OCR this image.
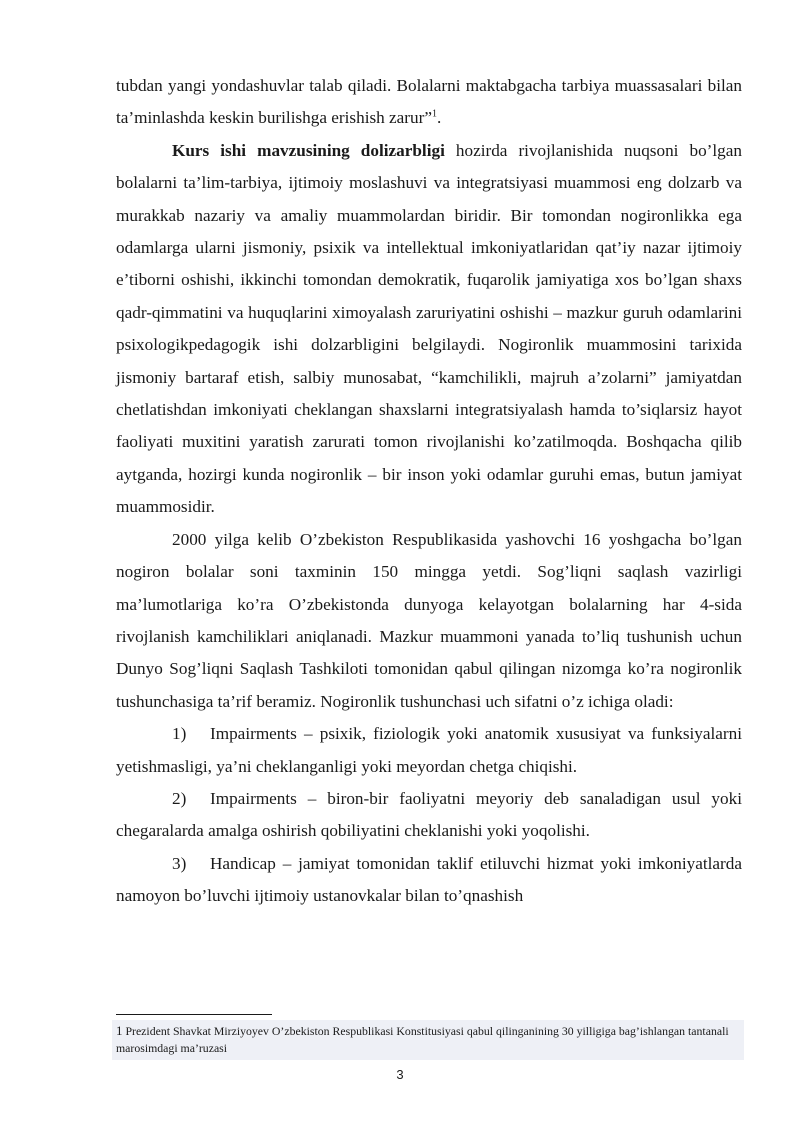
tubdan yangi yondashuvlar talab qiladi. Bolalarni maktabgacha tarbiya muassasalari bilan ta’minlashda keskin burilishga erishish zarur”$^1$.

Kurs ishi mavzusining dolizarbligi hozirda rivojlanishida nuqsoni bo’lgan bolalarni ta’lim-tarbiya, ijtimoiy moslashuvi va integratsiyasi muammosi eng dolzarb va murakkab nazariy va amaliy muammolardan biridir. Bir tomondan nogironlikka ega odamlarga ularni jismoniy, psixik va intellektual imkoniyatlaridan qat’iy nazar ijtimoiy e’tiborni oshishi, ikkinchi tomondan demokratik, fuqarolik jamiyatiga xos bo’lgan shaxs qadr-qimmatini va huquqlarini ximoyalash zaruriyatini oshishi – mazkur guruh odamlarini psixologikpedagogik ishi dolzarbligini belgilaydi. Nogironlik muammosini tarixida jismoniy bartaraf etish, salbiy munosabat, “kamchilikli, majruh a’zolarni” jamiyatdan chetlatishdan imkoniyati cheklangan shaxslarni integratsiyalash hamda to’siqlarsiz hayot faoliyati muxitini yaratish zarurati tomon rivojlanishi ko’zatilmoqda. Boshqacha qilib aytganda, hozirgi kunda nogironlik – bir inson yoki odamlar guruhi emas, butun jamiyat muammosidir.

2000 yilga kelib O’zbekiston Respublikasida yashovchi 16 yoshgacha bo’lgan nogiron bolalar soni taxminin 150 mingga yetdi. Sog’liqni saqlash vazirligi ma’lumotlariga ko’ra O’zbekistonda dunyoga kelayotgan bolalarning har 4-sida rivojlanish kamchiliklari aniqlanadi. Mazkur muammoni yanada to’liq tushunish uchun Dunyo Sog’liqni Saqlash Tashkiloti tomonidan qabul qilingan nizomga ko’ra nogironlik tushunchasiga ta’rif beramiz. Nogironlik tushunchasi uch sifatni o’z ichiga oladi:

1) Impairments – psixik, fiziologik yoki anatomik xususiyat va funksiyalarni yetishmasligi, ya’ni cheklanganligi yoki meyordan chetga chiqishi.

2) Impairments – biron-bir faoliyatni meyoriy deb sanaladigan usul yoki chegaralarda amalga oshirish qobiliyatini cheklanishi yoki yoqolishi.

3) Handicap – jamiyat tomonidan taklif etiluvchi hizmat yoki imkoniyatlarda namoyon bo’luvchi ijtimoiy ustanovkalar bilan to’qnashish

1 Prezident Shavkat Mirziyoyev O’zbekiston Respublikasi Konstitusiyasi qabul qilinganining 30 yilligiga bag’ishlangan tantanali marosimdagi ma’ruzasi
3
